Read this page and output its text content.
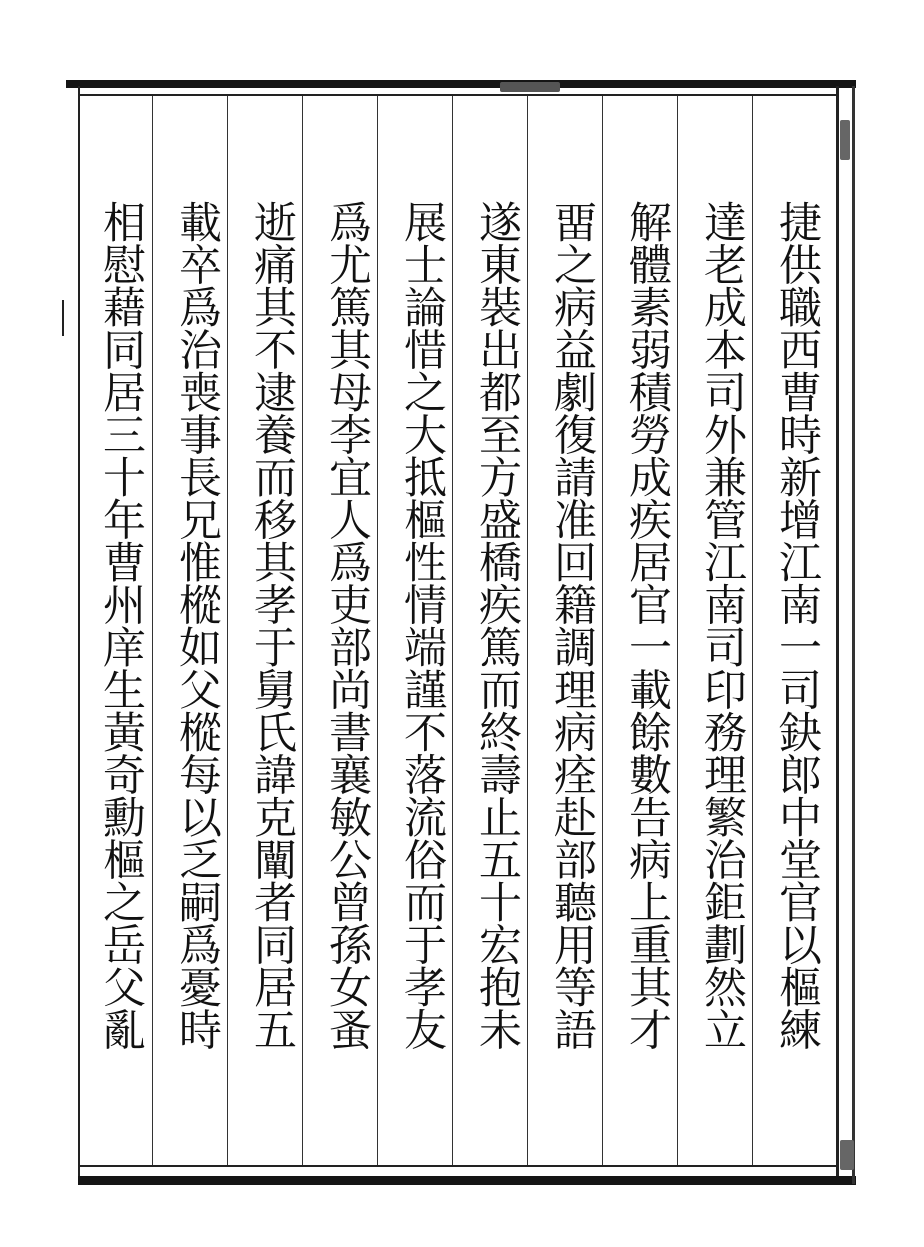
捷供職西曹時新增江南一司鈌郎中堂官以樞練
達老成本司外兼管江南司印務理繁治鉅劃然立
解體素弱積勞成疾居官一載餘數告病上重其才
畱之病益劇復請准回籍調理病痊赴部聽用等語
遂東裝出都至方盛橋疾篤而終壽止五十宏抱未
展士論惜之大抵樞性情端謹不落流俗而于孝友
爲尤篤其母李宜人爲吏部尚書襄敏公曾孫女蚤
逝痛其不逮養而移其孝于舅氏諱克闡者同居五
載卒爲治喪事長兄惟樅如父樅每以乏嗣爲憂時
相慰藉同居三十年曹州庠生黃奇勳樞之岳父亂
